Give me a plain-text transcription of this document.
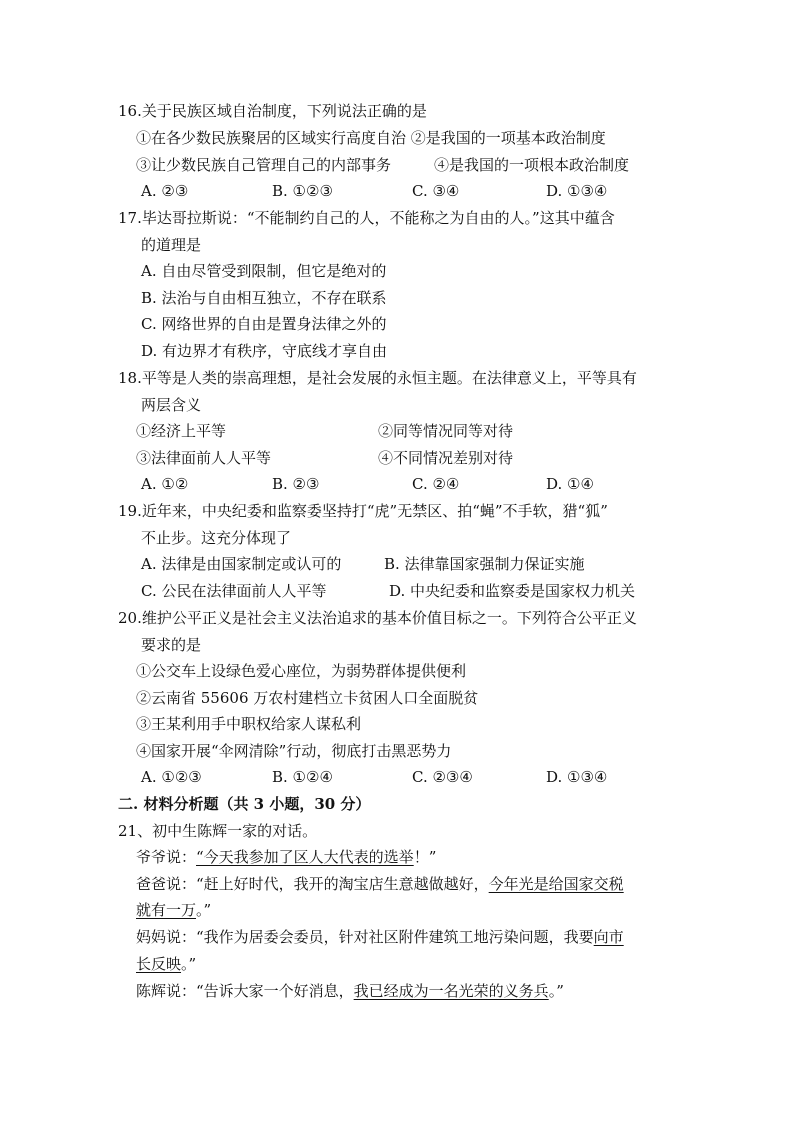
16.关于民族区域自治制度，下列说法正确的是
①在各少数民族聚居的区域实行高度自治 ②是我国的一项基本政治制度
③让少数民族自己管理自己的内部事务	④是我国的一项根本政治制度
A. ②③	B. ①②③	C. ③④	D. ①③④
17.毕达哥拉斯说：“不能制约自己的人，不能称之为自由的人。”这其中蕴含
的道理是
A. 自由尽管受到限制，但它是绝对的
B. 法治与自由相互独立，不存在联系
C. 网络世界的自由是置身法律之外的
D. 有边界才有秩序，守底线才享自由
18.平等是人类的崇高理想，是社会发展的永恒主题。在法律意义上，平等具有
两层含义
①经济上平等	②同等情况同等对待
③法律面前人人平等	④不同情况差别对待
A. ①②	B. ②③	C. ②④	D. ①④
19.近年来，中央纪委和监察委坚持打“虎”无禁区、拍“蝇”不手软，猎“狐”
不止步。这充分体现了
A. 法律是由国家制定或认可的	B. 法律靠国家强制力保证实施
C. 公民在法律面前人人平等	D. 中央纪委和监察委是国家权力机关
20.维护公平正义是社会主义法治追求的基本价值目标之一。下列符合公平正义
要求的是
①公交车上设绿色爱心座位，为弱势群体提供便利
②云南省 55606 万农村建档立卡贫困人口全面脱贫
③王某利用手中职权给家人谋私利
④国家开展“伞网清除”行动，彻底打击黑恶势力
A. ①②③	B. ①②④	C. ②③④	D. ①③④
二. 材料分析题（共 3 小题，30 分）
21、初中生陈辉一家的对话。
爷爷说：“今天我参加了区人大代表的选举！”
爸爸说：“赶上好时代，我开的淘宝店生意越做越好，今年光是给国家交税
就有一万。”
妈妈说：“我作为居委会委员，针对社区附件建筑工地污染问题，我要向市
长反映。”
陈辉说：“告诉大家一个好消息，我已经成为一名光荣的义务兵。”
